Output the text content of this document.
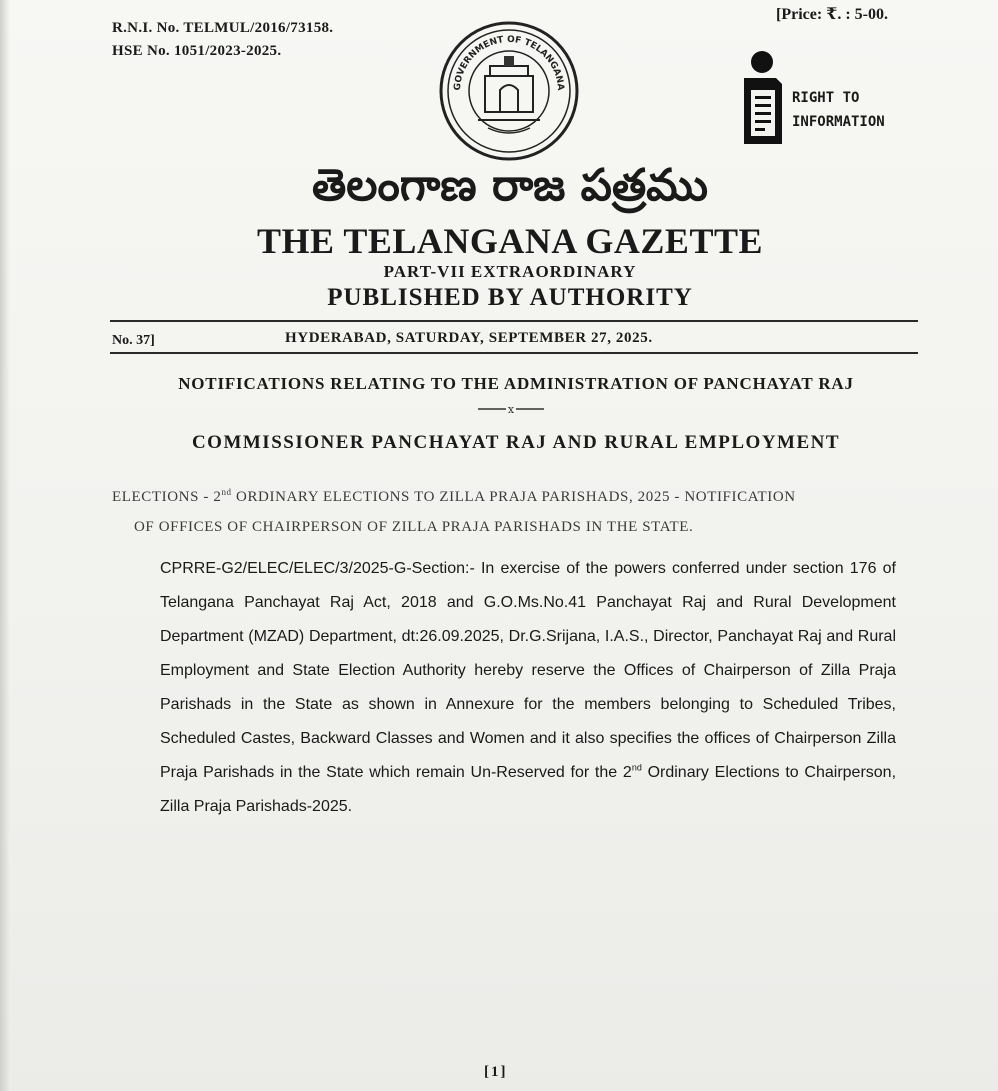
R.N.I. No. TELMUL/2016/73158.
HSE No. 1051/2023-2025.
[Price: ₹. : 5-00.
GOVERNMENT OF TELANGANA
RIGHT TO
INFORMATION
తెలంగాణ రాజ పత్రము
THE TELANGANA GAZETTE
PART-VII EXTRAORDINARY
PUBLISHED BY AUTHORITY
No. 37]	HYDERABAD, SATURDAY, SEPTEMBER 27, 2025.
NOTIFICATIONS RELATING TO THE ADMINISTRATION OF PANCHAYAT RAJ
x
COMMISSIONER PANCHAYAT RAJ AND RURAL EMPLOYMENT
ELECTIONS - 2nd ORDINARY ELECTIONS TO ZILLA PRAJA PARISHADS, 2025 - NOTIFICATION
OF OFFICES OF CHAIRPERSON OF ZILLA PRAJA PARISHADS IN THE STATE.
CPRRE-G2/ELEC/ELEC/3/2025-G-Section:- In exercise of the powers conferred under section 176 of Telangana Panchayat Raj Act, 2018 and G.O.Ms.No.41 Panchayat Raj and Rural Development Department (MZAD) Department, dt:26.09.2025, Dr.G.Srijana, I.A.S., Director, Panchayat Raj and Rural Employment and State Election Authority hereby reserve the Offices of Chairperson of Zilla Praja Parishads in the State as shown in Annexure for the members belonging to Scheduled Tribes, Scheduled Castes, Backward Classes and Women and it also specifies the offices of Chairperson Zilla Praja Parishads in the State which remain Un-Reserved for the 2nd Ordinary Elections to Chairperson, Zilla Praja Parishads-2025.
[1]
